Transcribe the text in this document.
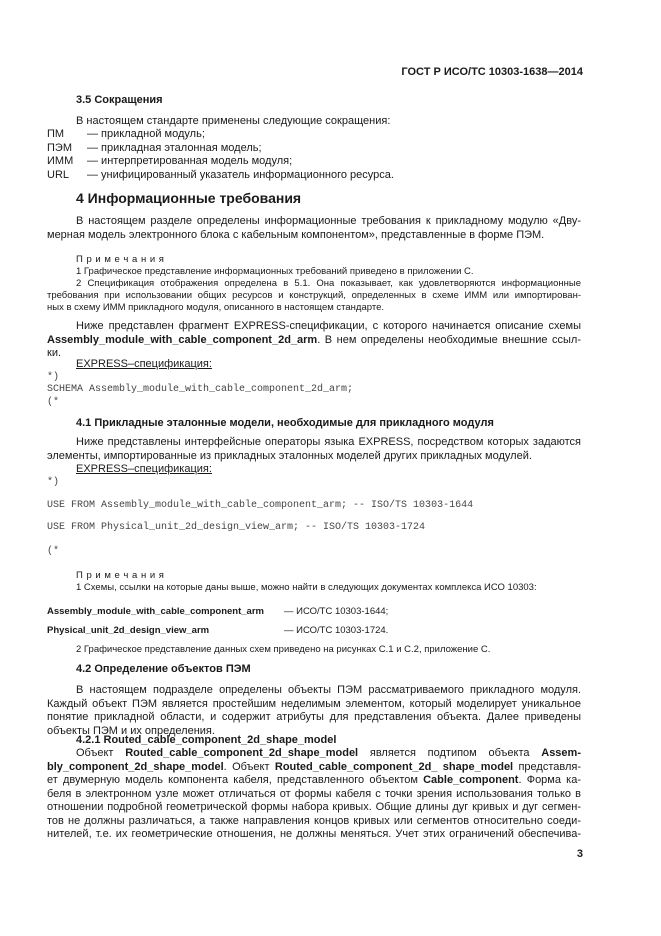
ГОСТ Р ИСО/ТС 10303-1638—2014
3.5 Сокращения
В настоящем стандарте применены следующие сокращения:
ПМ — прикладной модуль;
ПЭМ — прикладная эталонная модель;
ИММ — интерпретированная модель модуля;
URL — унифицированный указатель информационного ресурса.
4 Информационные требования
В настоящем разделе определены информационные требования к прикладному модулю «Дву-
мерная модель электронного блока с кабельным компонентом», представленные в форме ПЭМ.
П р и м е ч а н и я
1 Графическое представление информационных требований приведено в приложении С.
2 Спецификация отображения определена в 5.1. Она показывает, как удовлетворяются информационные
требования при использовании общих ресурсов и конструкций, определенных в схеме ИММ или импортирован-
ных в схему ИММ прикладного модуля, описанного в настоящем стандарте.
Ниже представлен фрагмент EXPRESS-спецификации, с которого начинается описание схемы
Assembly_module_with_cable_component_2d_arm. В нем определены необходимые внешние ссыл-
ки.
EXPRESS–спецификация:
*)
SCHEMA Assembly_module_with_cable_component_2d_arm;
(*
4.1 Прикладные эталонные модели, необходимые для прикладного модуля
Ниже представлены интерфейсные операторы языка EXPRESS, посредством которых задаются
элементы, импортированные из прикладных эталонных моделей других прикладных модулей.
EXPRESS–спецификация:
*)
USE FROM Assembly_module_with_cable_component_arm; -- ISO/TS 10303-1644
USE FROM Physical_unit_2d_design_view_arm; -- ISO/TS 10303-1724
(*
П р и м е ч а н и я
1 Схемы, ссылки на которые даны выше, можно найти в следующих документах комплекса ИСО 10303:
Assembly_module_with_cable_component_arm — ИСО/ТС 10303-1644;
Physical_unit_2d_design_view_arm	— ИСО/ТС 10303-1724.
2 Графическое представление данных схем приведено на рисунках С.1 и С.2, приложение С.
4.2 Определение объектов ПЭМ
В настоящем подразделе определены объекты ПЭМ рассматриваемого прикладного модуля.
Каждый объект ПЭМ является простейшим неделимым элементом, который моделирует уникальное
понятие прикладной области, и содержит атрибуты для представления объекта. Далее приведены
объекты ПЭМ и их определения.
4.2.1 Routed_cable_component_2d_shape_model
Объект Routed_cable_component_2d_shape_model является подтипом объекта Assem-
bly_component_2d_shape_model. Объект Routed_cable_component_2d_ shape_model представля-
ет двумерную модель компонента кабеля, представленного объектом Cable_component. Форма ка-
беля в электронном узле может отличаться от формы кабеля с точки зрения использования только в
отношении подробной геометрической формы набора кривых. Общие длины дуг кривых и дуг сегмен-
тов не должны различаться, а также направления концов кривых или сегментов относительно соеди-
нителей, т.е. их геометрические отношения, не должны меняться. Учет этих ограничений обеспечива-
3
